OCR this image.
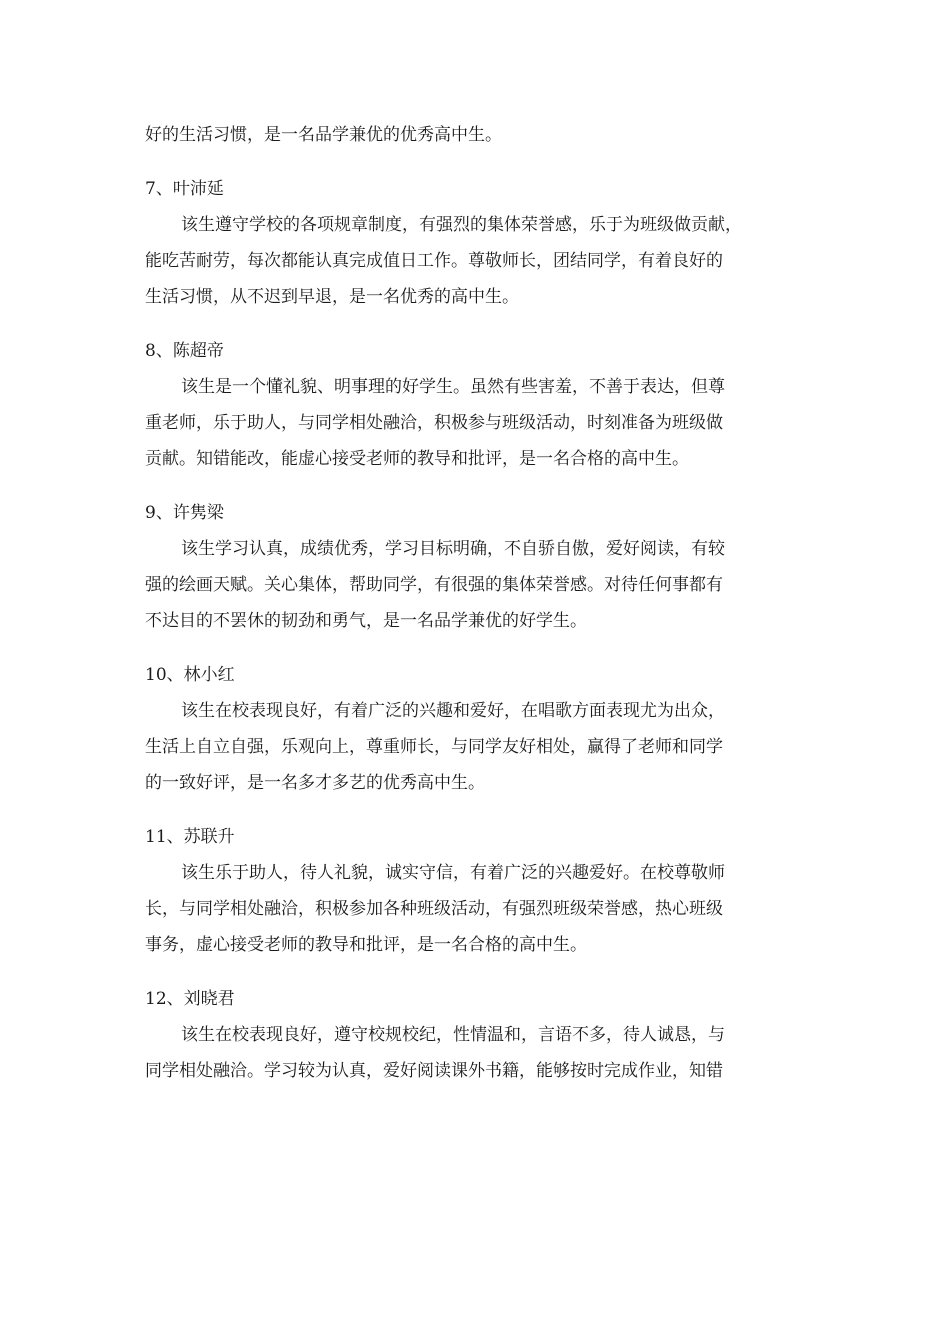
好的生活习惯，是一名品学兼优的优秀高中生。

7、叶沛延

该生遵守学校的各项规章制度，有强烈的集体荣誉感，乐于为班级做贡献，

能吃苦耐劳，每次都能认真完成值日工作。尊敬师长，团结同学，有着良好的

生活习惯，从不迟到早退，是一名优秀的高中生。

8、陈超帝

该生是一个懂礼貌、明事理的好学生。虽然有些害羞，不善于表达，但尊

重老师，乐于助人，与同学相处融洽，积极参与班级活动，时刻准备为班级做

贡献。知错能改，能虚心接受老师的教导和批评，是一名合格的高中生。

9、许隽梁

该生学习认真，成绩优秀，学习目标明确，不自骄自傲，爱好阅读，有较

强的绘画天赋。关心集体，帮助同学，有很强的集体荣誉感。对待任何事都有

不达目的不罢休的韧劲和勇气，是一名品学兼优的好学生。

10、林小红

该生在校表现良好，有着广泛的兴趣和爱好，在唱歌方面表现尤为出众，

生活上自立自强，乐观向上，尊重师长，与同学友好相处，赢得了老师和同学

的一致好评，是一名多才多艺的优秀高中生。

11、苏联升

该生乐于助人，待人礼貌，诚实守信，有着广泛的兴趣爱好。在校尊敬师

长，与同学相处融洽，积极参加各种班级活动，有强烈班级荣誉感，热心班级

事务，虚心接受老师的教导和批评，是一名合格的高中生。

12、刘晓君

该生在校表现良好，遵守校规校纪，性情温和，言语不多，待人诚恳，与

同学相处融洽。学习较为认真，爱好阅读课外书籍，能够按时完成作业，知错
